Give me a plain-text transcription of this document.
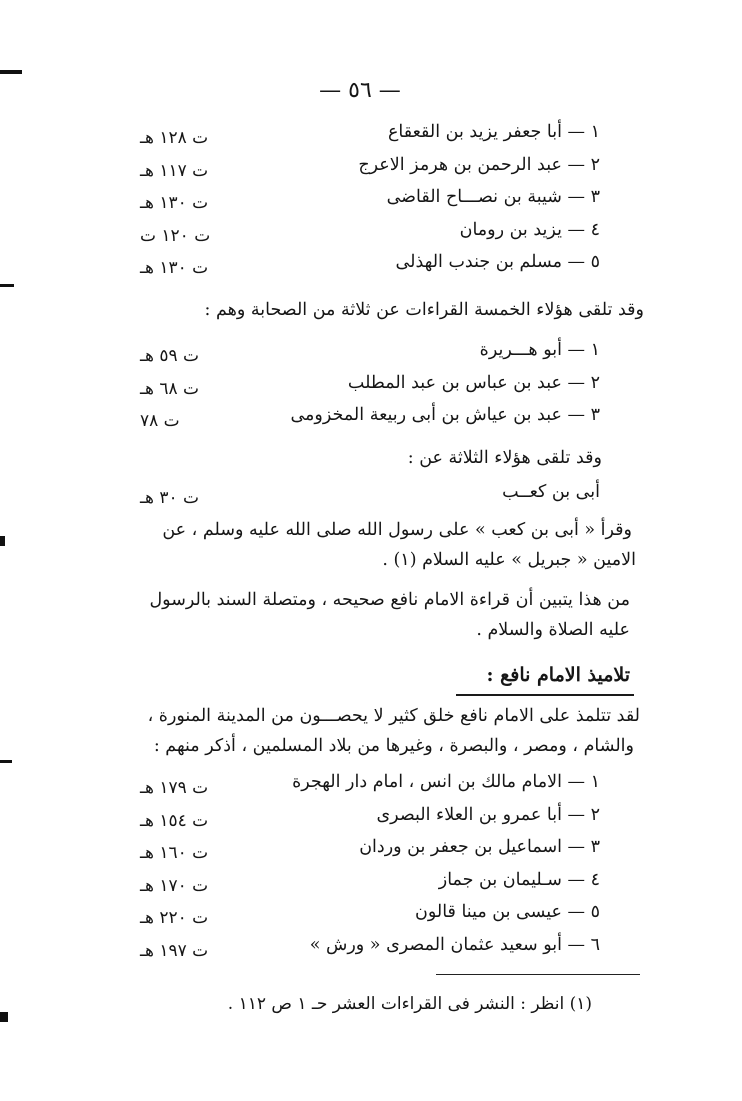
— ٥٦ —
١ — أبا جعفر يزيد بن القعقاع
ت ١٢٨ هـ
٢ — عبد الرحمن بن هرمز الاعرج
ت ١١٧ هـ
٣ — شيبة بن نصـــاح القاضى
ت ١٣٠ هـ
٤ — يزيد بن رومان
ت ١٢٠ ت
٥ — مسلم بن جندب الهذلى
ت ١٣٠ هـ
وقد تلقى هؤلاء الخمسة القراءات عن ثلاثة من الصحابة وهم :
١ — أبو هـــريرة
ت ٥٩ هـ
٢ — عبد بن عباس بن عبد المطلب
ت ٦٨ هـ
٣ — عبد بن عياش بن أبى ربيعة المخزومى
ت ٧٨
وقد تلقى هؤلاء الثلاثة عن :
أبى بن كعــب
ت ٣٠ هـ
وقرأ « أبى بن كعب » على رسول الله صلى الله عليه وسلم ، عن
الامين « جبريل » عليه السلام (١) .
من هذا يتبين أن قراءة الامام نافع صحيحه ، ومتصلة السند بالرسول
عليه الصلاة والسلام .
تلاميذ الامام نافع :
لقد تتلمذ على الامام نافع خلق كثير لا يحصـــون من المدينة المنورة ،
والشام ، ومصر ، والبصرة ، وغيرها من بلاد المسلمين ، أذكر منهم :
١ — الامام مالك بن انس ، امام دار الهجرة
ت ١٧٩ هـ
٢ — أبا عمرو بن العلاء البصرى
ت ١٥٤ هـ
٣ — اسماعيل بن جعفر بن وردان
ت ١٦٠ هـ
٤ — سـليمان بن جماز
ت ١٧٠ هـ
٥ — عيسى بن مينا قالون
ت ٢٢٠ هـ
٦ — أبو سعيد عثمان المصرى « ورش »
ت ١٩٧ هـ
(١) انظر : النشر فى القراءات العشر حـ ١ ص ١١٢ .
